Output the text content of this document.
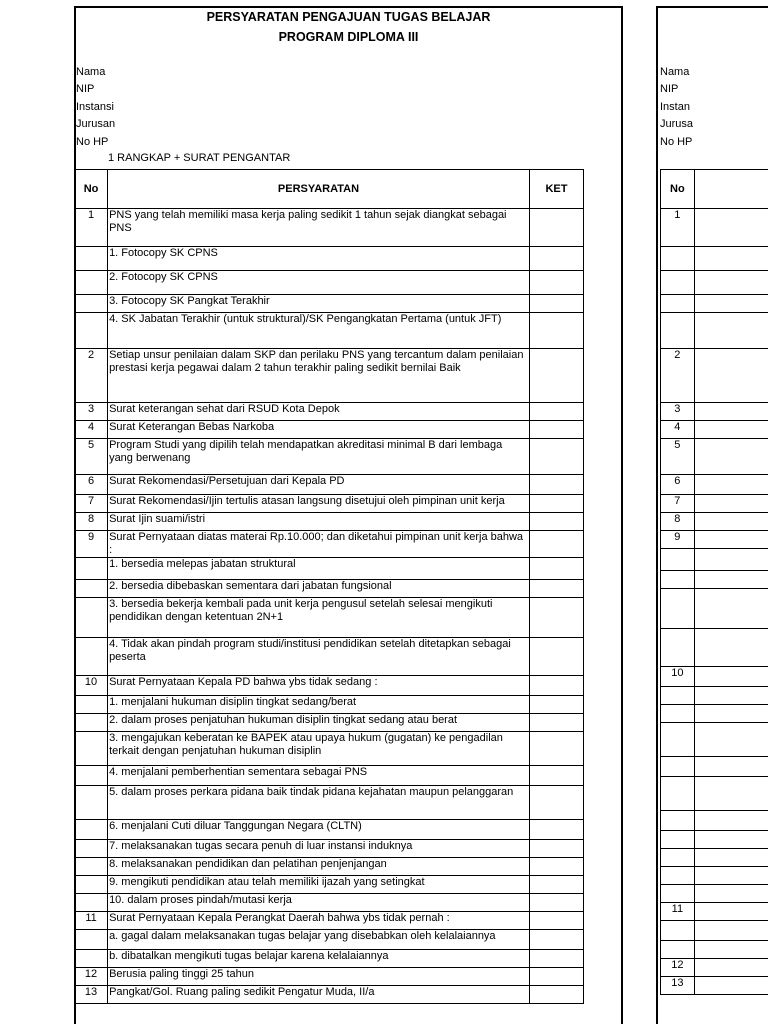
PERSYARATAN PENGAJUAN TUGAS BELAJAR
PROGRAM DIPLOMA III
Nama
NIP
Instansi
Jurusan
No HP
1 RANGKAP + SURAT PENGANTAR
No	PERSYARATAN	KET
1	PNS yang telah memiliki masa kerja paling sedikit 1 tahun sejak diangkat sebagai PNS	
	1. Fotocopy SK CPNS	
	2. Fotocopy SK CPNS	
	3. Fotocopy SK Pangkat Terakhir	
	4. SK Jabatan Terakhir (untuk struktural)/SK Pengangkatan Pertama (untuk JFT)	
2	Setiap unsur penilaian dalam SKP dan perilaku PNS yang tercantum dalam penilaian prestasi kerja pegawai dalam 2 tahun terakhir paling sedikit bernilai Baik	
3	Surat keterangan sehat dari RSUD Kota Depok	
4	Surat Keterangan Bebas Narkoba	
5	Program Studi yang dipilih telah mendapatkan akreditasi minimal B dari lembaga yang berwenang	
6	Surat Rekomendasi/Persetujuan dari Kepala PD	
7	Surat Rekomendasi/Ijin tertulis atasan langsung disetujui oleh pimpinan unit kerja	
8	Surat Ijin suami/istri	
9	Surat Pernyataan diatas materai Rp.10.000; dan diketahui pimpinan unit kerja bahwa :	
	1. bersedia melepas jabatan struktural	
	2. bersedia dibebaskan sementara dari jabatan fungsional	
	3. bersedia bekerja kembali pada unit kerja pengusul setelah selesai mengikuti pendidikan dengan ketentuan 2N+1	
	4. Tidak akan pindah program studi/institusi pendidikan setelah ditetapkan sebagai peserta	
10	Surat Pernyataan Kepala PD bahwa ybs tidak sedang :	
	1. menjalani hukuman disiplin tingkat sedang/berat	
	2. dalam proses penjatuhan hukuman disiplin tingkat sedang atau berat	
	3. mengajukan keberatan ke BAPEK atau upaya hukum (gugatan) ke pengadilan terkait dengan penjatuhan hukuman disiplin	
	4. menjalani pemberhentian sementara sebagai PNS	
	5. dalam proses perkara pidana baik tindak pidana kejahatan maupun pelanggaran	
	6. menjalani Cuti diluar Tanggungan Negara (CLTN)	
	7. melaksanakan tugas secara penuh di luar instansi induknya	
	8. melaksanakan pendidikan dan pelatihan penjenjangan	
	9. mengikuti pendidikan atau telah memiliki ijazah yang setingkat	
	10. dalam proses pindah/mutasi kerja	
11	Surat Pernyataan Kepala Perangkat Daerah bahwa ybs tidak pernah :	
	a. gagal dalam melaksanakan tugas belajar yang disebabkan oleh kelalaiannya	
	b. dibatalkan mengikuti tugas belajar karena kelalaiannya	
12	Berusia paling tinggi 25 tahun	
13	Pangkat/Gol. Ruang paling sedikit Pengatur Muda, II/a	
Nama
NIP
Instan
Jurusa
No HP
No	
1	

2	
3	
4	
5	
6	
7	
8	
9	

10	

11	

12	
13	
